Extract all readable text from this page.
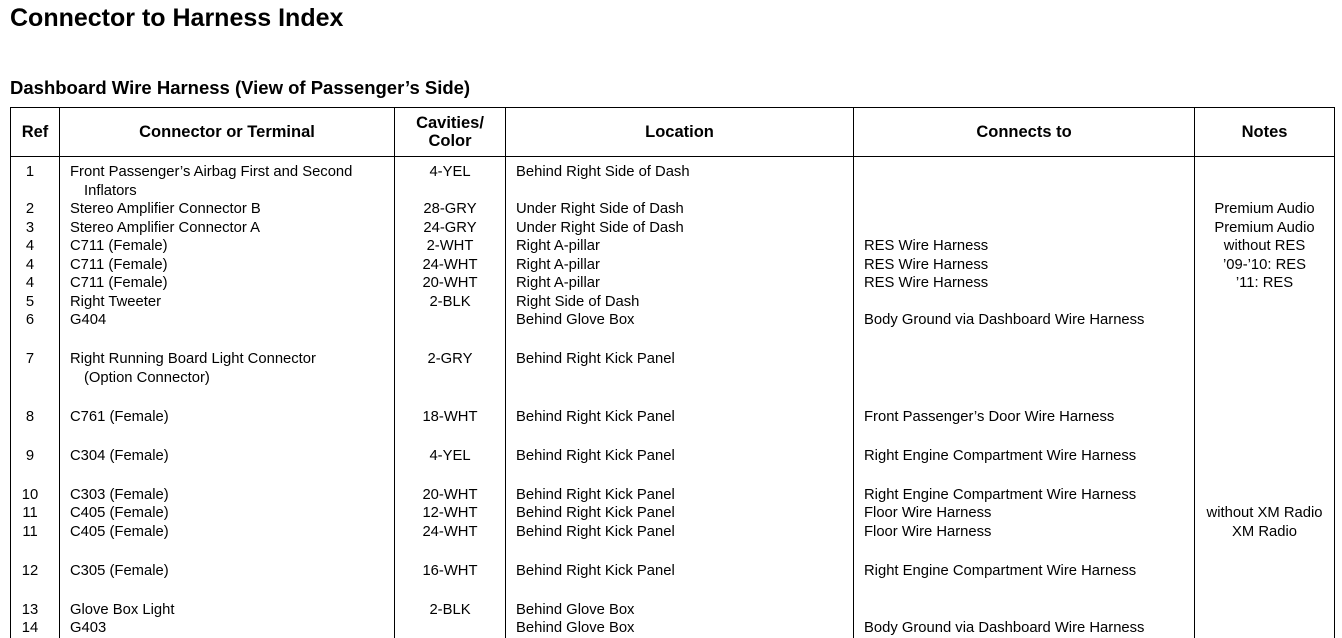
Connector to Harness Index
Dashboard Wire Harness (View of Passenger’s Side)
Ref	Connector or Terminal	Cavities/
Color	Location	Connects to	Notes

1	Front Passenger’s Airbag First and Second
Inflators	4-YEL	Behind Right Side of Dash		

2	Stereo Amplifier Connector B	28-GRY	Under Right Side of Dash		Premium Audio

3	Stereo Amplifier Connector A	24-GRY	Under Right Side of Dash		Premium Audio

4	C711 (Female)	2-WHT	Right A-pillar	RES Wire Harness	without RES

4	C711 (Female)	24-WHT	Right A-pillar	RES Wire Harness	’09-’10: RES

4	C711 (Female)	20-WHT	Right A-pillar	RES Wire Harness	’11: RES

5	Right Tweeter	2-BLK	Right Side of Dash		

6	G404		Behind Glove Box	Body Ground via Dashboard Wire Harness	

7	Right Running Board Light Connector
(Option Connector)	2-GRY	Behind Right Kick Panel		

8	C761 (Female)	18-WHT	Behind Right Kick Panel	Front Passenger’s Door Wire Harness	

9	C304 (Female)	4-YEL	Behind Right Kick Panel	Right Engine Compartment Wire Harness	

10	C303 (Female)	20-WHT	Behind Right Kick Panel	Right Engine Compartment Wire Harness	

11	C405 (Female)	12-WHT	Behind Right Kick Panel	Floor Wire Harness	without XM Radio

11	C405 (Female)	24-WHT	Behind Right Kick Panel	Floor Wire Harness	XM Radio

12	C305 (Female)	16-WHT	Behind Right Kick Panel	Right Engine Compartment Wire Harness	

13	Glove Box Light	2-BLK	Behind Glove Box		

14	G403		Behind Glove Box	Body Ground via Dashboard Wire Harness	
